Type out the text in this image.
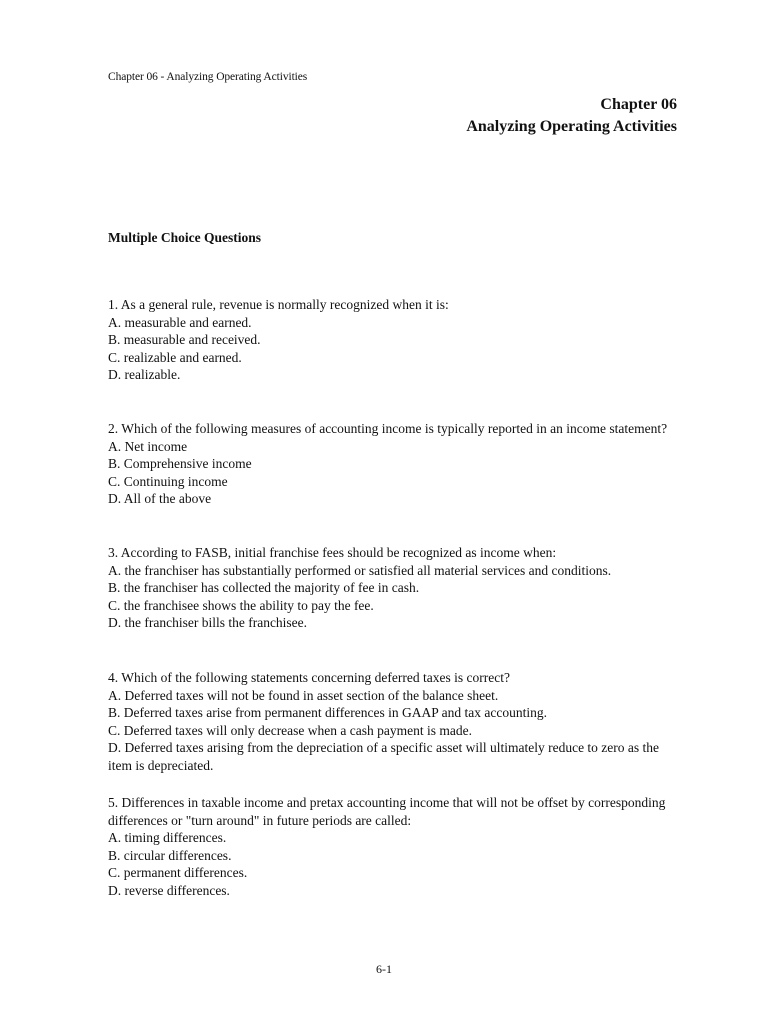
Chapter 06 - Analyzing Operating Activities
Chapter 06
Analyzing Operating Activities
Multiple Choice Questions
1. As a general rule, revenue is normally recognized when it is:
A. measurable and earned.
B. measurable and received.
C. realizable and earned.
D. realizable.
2. Which of the following measures of accounting income is typically reported in an income statement?
A. Net income
B. Comprehensive income
C. Continuing income
D. All of the above
3. According to FASB, initial franchise fees should be recognized as income when:
A. the franchiser has substantially performed or satisfied all material services and conditions.
B. the franchiser has collected the majority of fee in cash.
C. the franchisee shows the ability to pay the fee.
D. the franchiser bills the franchisee.
4. Which of the following statements concerning deferred taxes is correct?
A. Deferred taxes will not be found in asset section of the balance sheet.
B. Deferred taxes arise from permanent differences in GAAP and tax accounting.
C. Deferred taxes will only decrease when a cash payment is made.
D. Deferred taxes arising from the depreciation of a specific asset will ultimately reduce to zero as the item is depreciated.
5. Differences in taxable income and pretax accounting income that will not be offset by corresponding differences or "turn around" in future periods are called:
A. timing differences.
B. circular differences.
C. permanent differences.
D. reverse differences.
6-1
